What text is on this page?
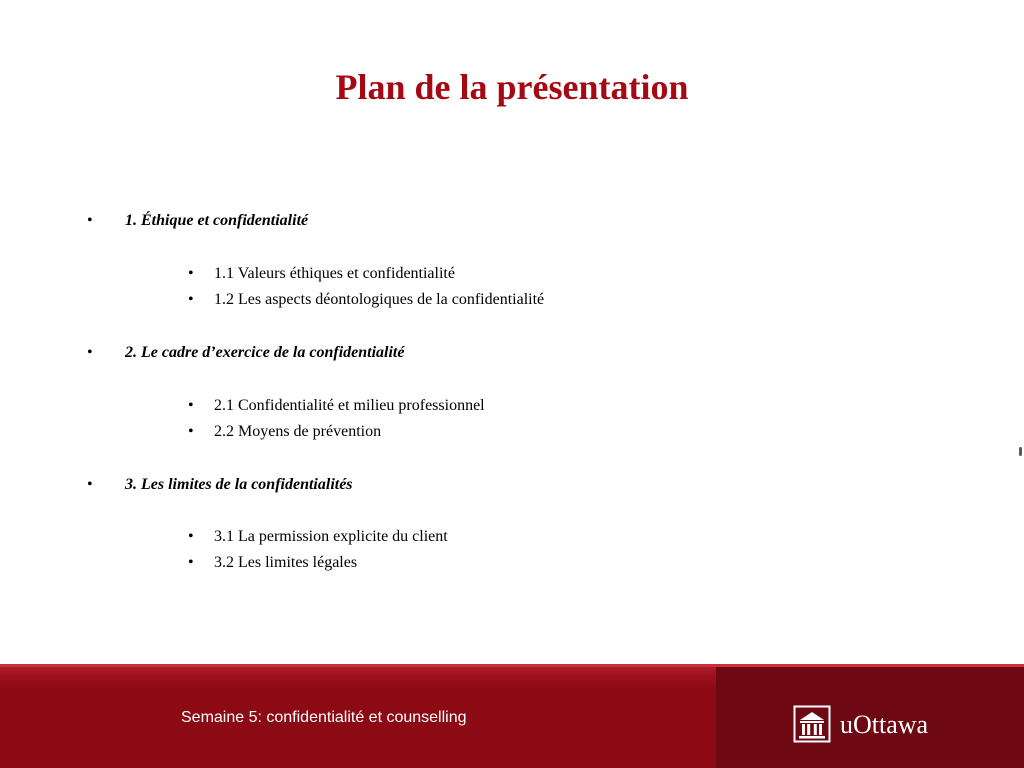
Plan de la présentation
• 1. Éthique et confidentialité
• 1.1 Valeurs éthiques et confidentialité
• 1.2 Les aspects déontologiques de la confidentialité
• 2. Le cadre d’exercice de la confidentialité
• 2.1 Confidentialité et milieu professionnel
• 2.2 Moyens de prévention
• 3. Les limites de la confidentialités
• 3.1 La permission explicite du client
• 3.2 Les limites légales
Semaine 5: confidentialité et counselling	uOttawa
